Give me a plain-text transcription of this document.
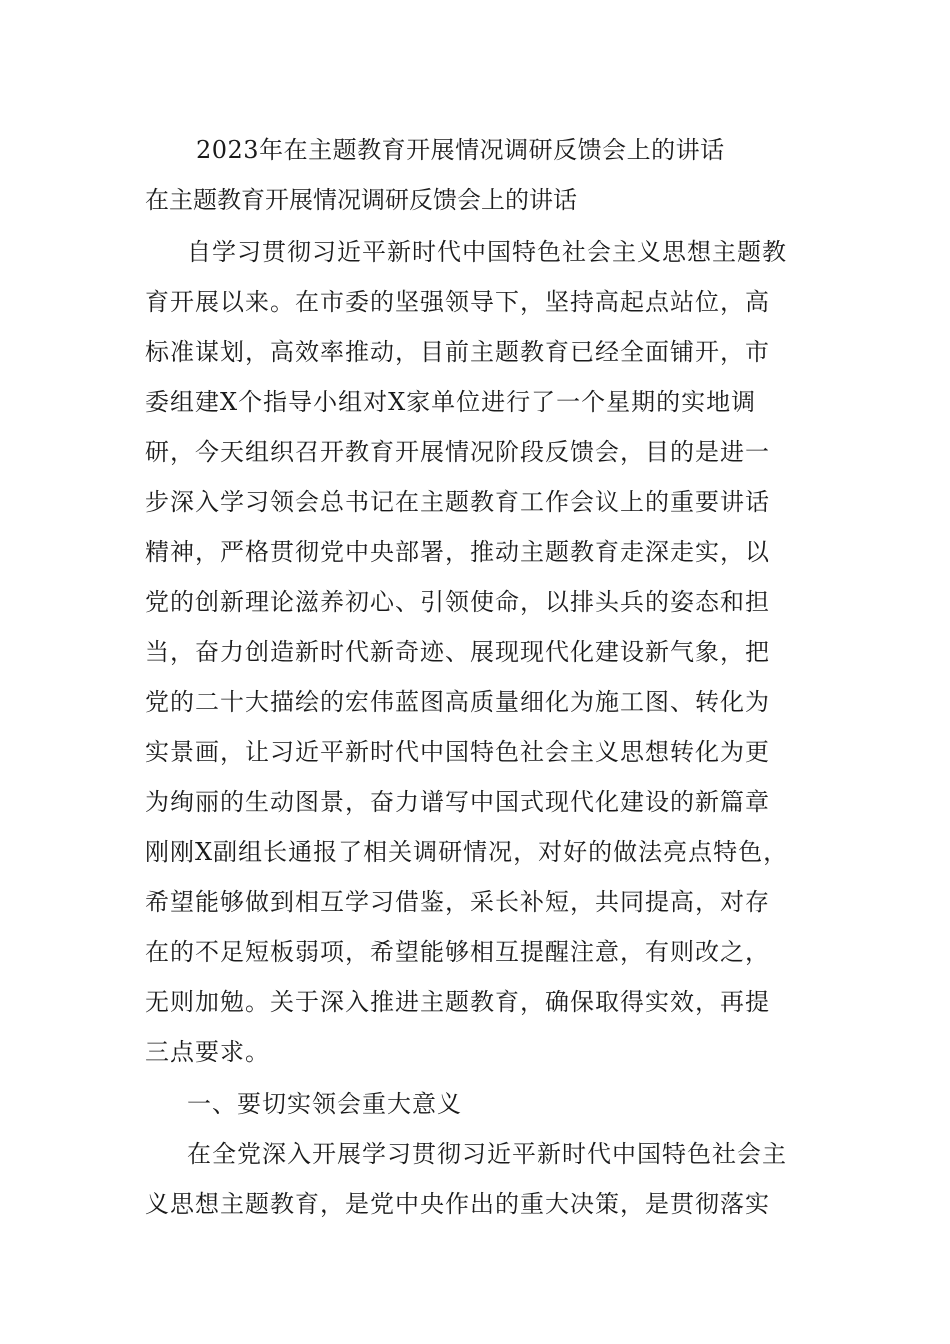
2023年在主题教育开展情况调研反馈会上的讲话
在主题教育开展情况调研反馈会上的讲话
自学习贯彻习近平新时代中国特色社会主义思想主题教
育开展以来。在市委的坚强领导下，坚持高起点站位，高
标准谋划，高效率推动，目前主题教育已经全面铺开，市
委组建X个指导小组对X家单位进行了一个星期的实地调
研，今天组织召开教育开展情况阶段反馈会，目的是进一
步深入学习领会总书记在主题教育工作会议上的重要讲话
精神，严格贯彻党中央部署，推动主题教育走深走实，以
党的创新理论滋养初心、引领使命，以排头兵的姿态和担
当，奋力创造新时代新奇迹、展现现代化建设新气象，把
党的二十大描绘的宏伟蓝图高质量细化为施工图、转化为
实景画，让习近平新时代中国特色社会主义思想转化为更
为绚丽的生动图景，奋力谱写中国式现代化建设的新篇章
刚刚X副组长通报了相关调研情况，对好的做法亮点特色，
希望能够做到相互学习借鉴，采长补短，共同提高，对存
在的不足短板弱项，希望能够相互提醒注意，有则改之，
无则加勉。关于深入推进主题教育，确保取得实效，再提
三点要求。
一、要切实领会重大意义
在全党深入开展学习贯彻习近平新时代中国特色社会主
义思想主题教育，是党中央作出的重大决策，是贯彻落实
